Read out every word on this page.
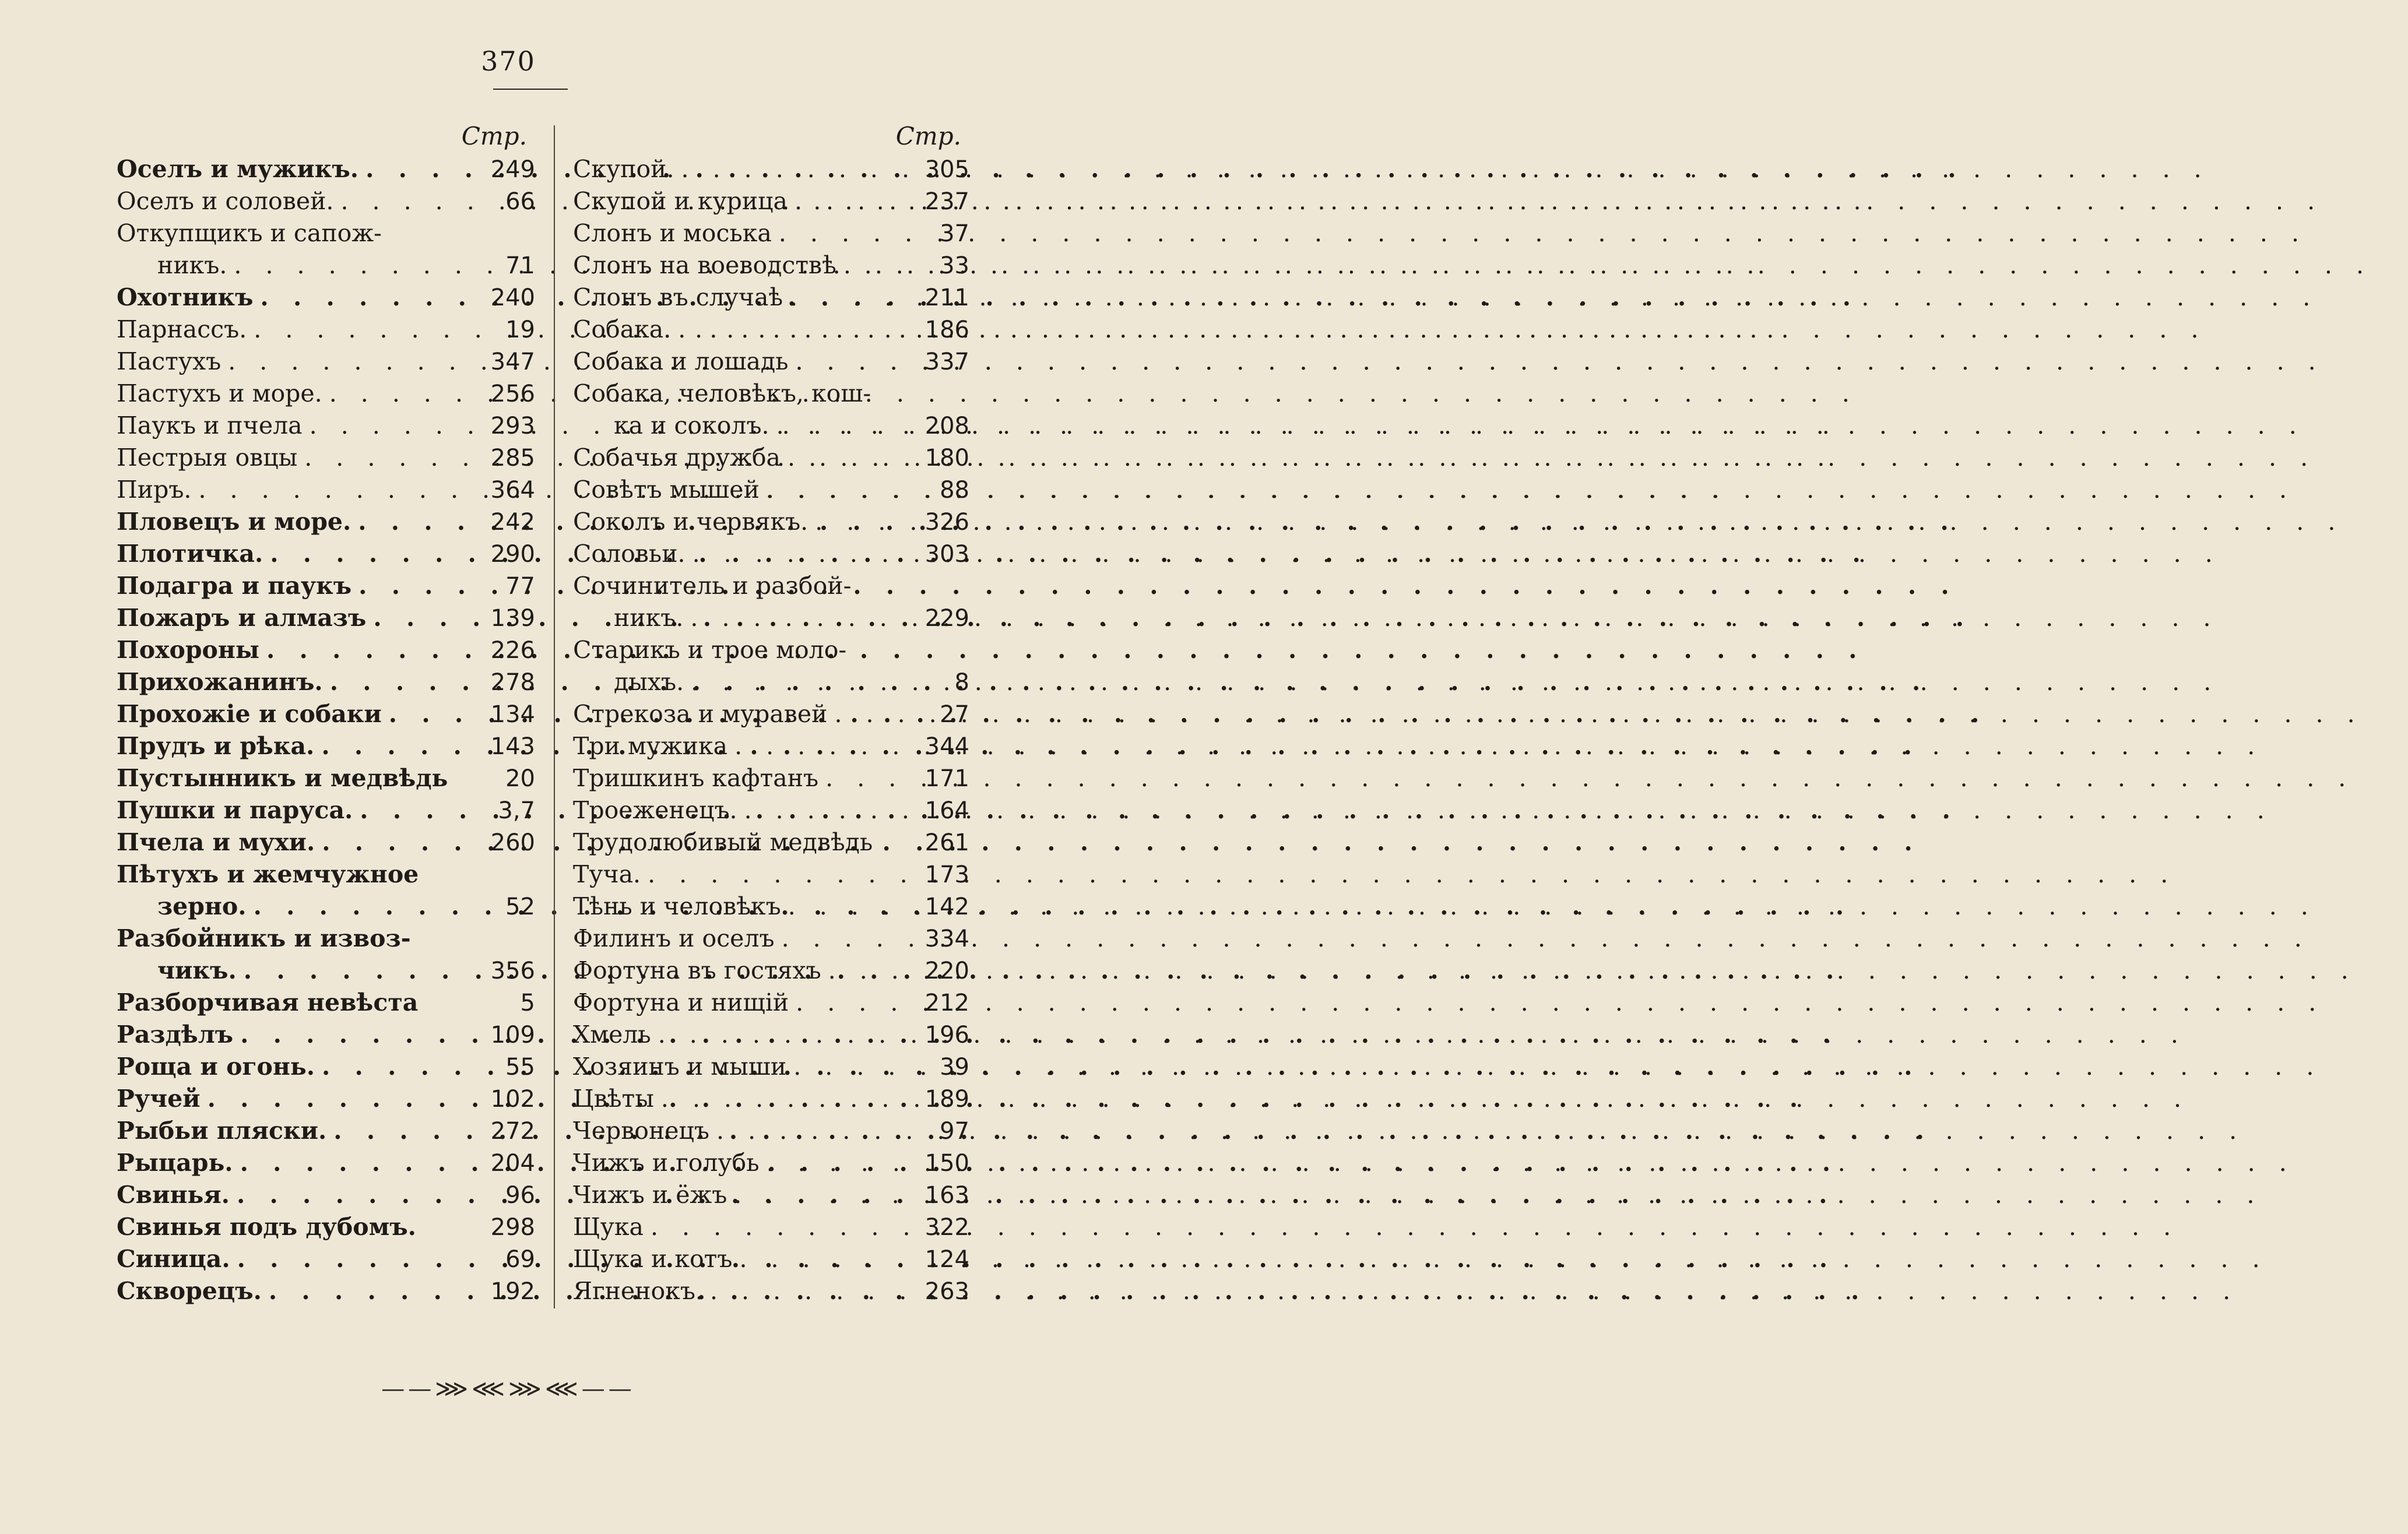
370
Стр.
Оселъ и мужикъ. . . .	249
Оселъ и соловей. . . .	66
Откупщикъ и сапож-
никъ. . . .	71
Охотникъ . . .	240
Парнассъ. . . .	19
Пастухъ . . .	347
Пастухъ и море. . . .	256
Паукъ и пчела . . .	293
Пестрыя овцы . . .	285
Пиръ. . . .	364
Пловецъ и море. . . .	242
Плотичка. . . .	290
Подагра и паукъ . . .	77
Пожаръ и алмазъ . . .	139
Похороны . . .	226
Прихожанинъ. . . .	278
Прохожіе и собаки . . .	134
Прудъ и рѣка. . . .	143
Пустынникъ и медвѣдь	20
Пушки и паруса. . . .	3,7
Пчела и мухи. . . .	260
Пѣтухъ и жемчужное
зерно. . . .	52
Разбойникъ и извоз-
чикъ. . . .	356
Разборчивая невѣста	5
Раздѣлъ . . .	109
Роща и огонь. . . .	55
Ручей . . .	102
Рыбьи пляски. . . .	272
Рыцарь. . . .	204
Свинья. . . .	96
Свинья подъ дубомъ.	298
Синица. . . .	69
Скворецъ. . . .	192
Стр.
Скупой. . . .	305
Скупой и курица . . .	237
Слонъ и моська . . .	37
Слонъ на воеводствѣ . . .	33
Слонъ въ случаѣ . . .	211
Собака. . . .	186
Собака и лошадь . . .	337
Собака, человѣкъ, кош-
ка и соколъ. . . .	208
Собачья дружба . . .	180
Совѣтъ мышей . . .	88
Соколъ и червякъ. . . .	326
Соловьи. . . .	303
Сочинитель и разбой-
никъ. . . .	229
Старикъ и трое моло-
дыхъ. . . .	8
Стрекоза и муравей . . .	27
Три мужика . . .	344
Тришкинъ кафтанъ . . .	171
Троеженецъ. . . .	164
Трудолюбивый медвѣдь	261
Туча. . . .	173
Тѣнь и человѣкъ . . .	142
Филинъ и оселъ . . .	334
Фортуна въ гостяхъ . . .	220
Фортуна и нищій . . .	212
Хмель . . .	196
Хозяинъ и мыши . . .	39
Цвѣты . . .	189
Червонецъ . . .	97
Чижъ и голубь . . .	150
Чижъ и ёжъ . . .	163
Щука . . .	322
Щука и котъ . . .	124
Ягненокъ. . . .	263
——⋙⋘⋙⋘——
